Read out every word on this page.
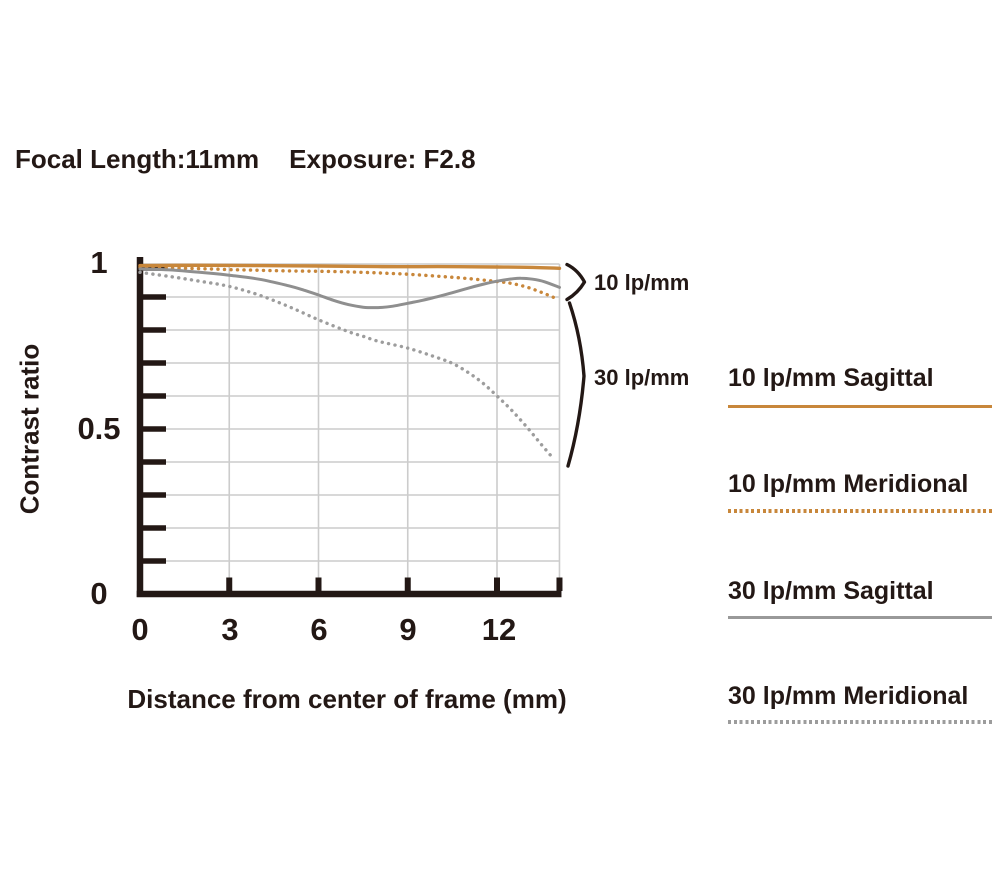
Focal Length:11mm Exposure: F2.8
Contrast ratio
1
0.5
0
0 3 6 9 12
Distance from center of frame (mm)
10 lp/mm
30 lp/mm 10 lp/mm Sagittal
10 lp/mm Meridional
30 lp/mm Sagittal
30 lp/mm Meridional
